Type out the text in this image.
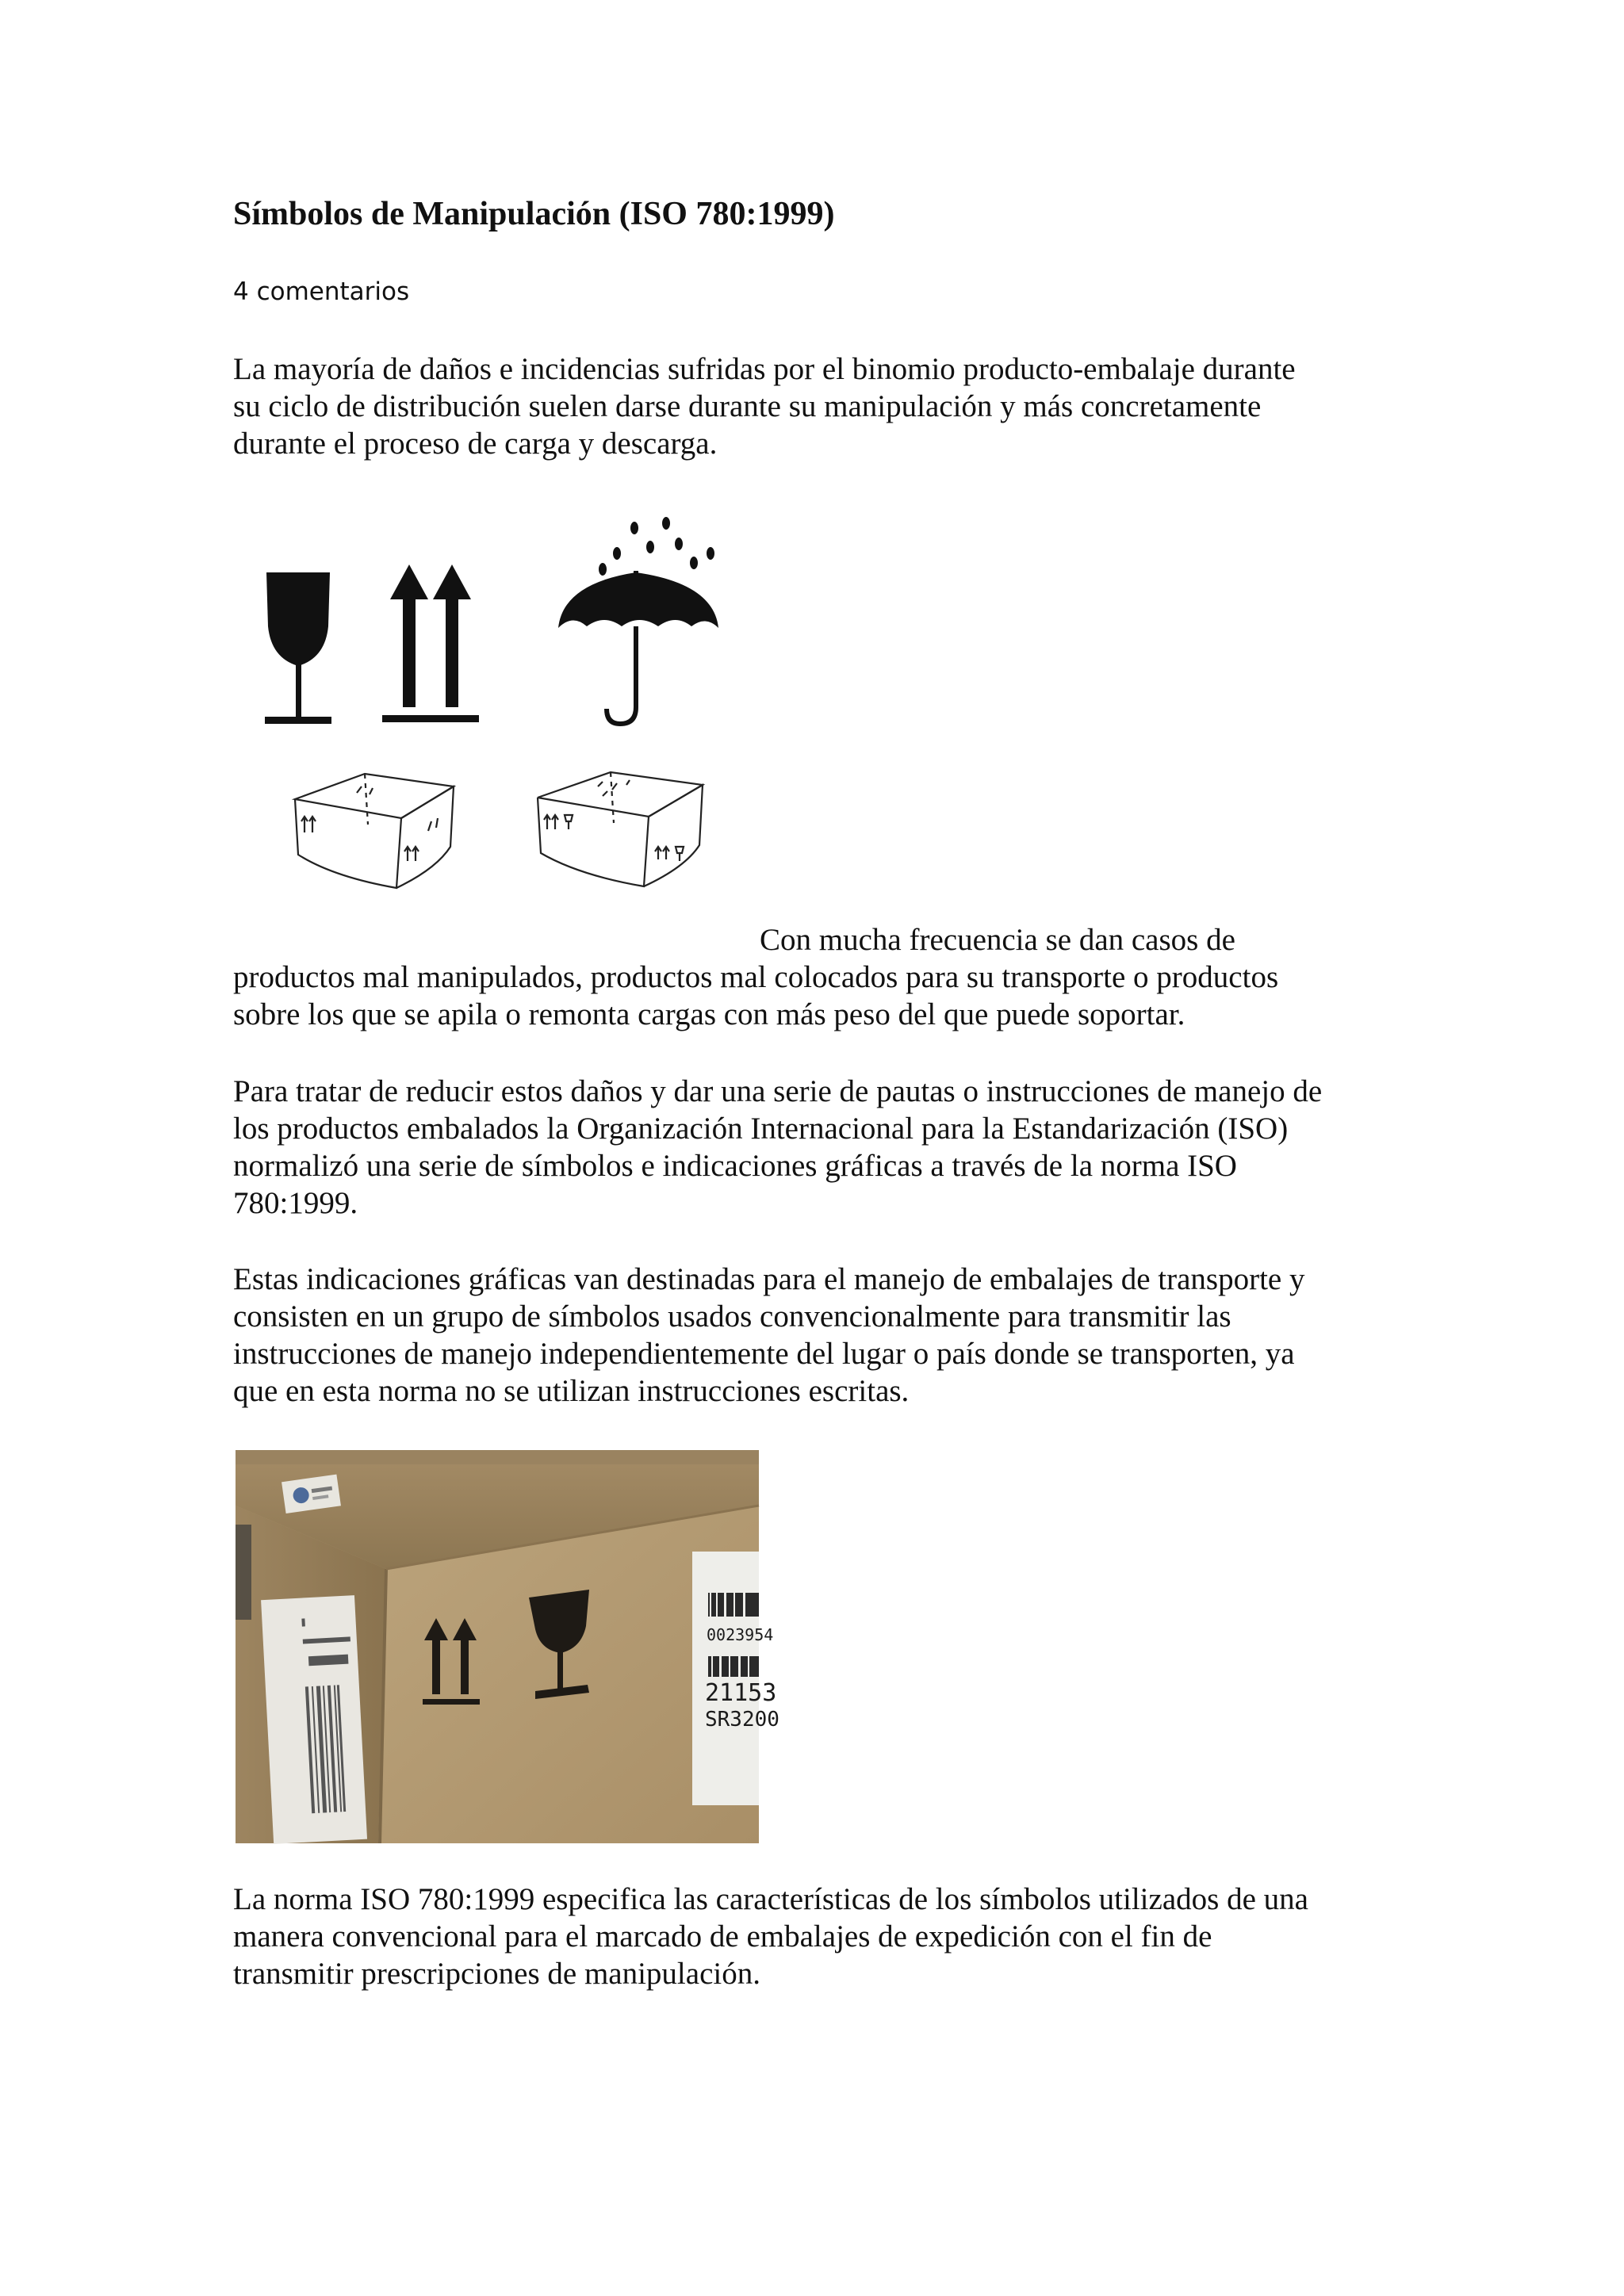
Símbolos de Manipulación (ISO 780:1999)
4 comentarios

La mayoría de daños e incidencias sufridas por el binomio producto-embalaje durante
su ciclo de distribución suelen darse durante su manipulación y más concretamente
durante el proceso de carga y descarga.

Con mucha frecuencia se dan casos de
productos mal manipulados, productos mal colocados para su transporte o productos
sobre los que se apila o remonta cargas con más peso del que puede soportar.

Para tratar de reducir estos daños y dar una serie de pautas o instrucciones de manejo de
los productos embalados la Organización Internacional para la Estandarización (ISO)
normalizó una serie de símbolos e indicaciones gráficas a través de la norma ISO
780:1999.

Estas indicaciones gráficas van destinadas para el manejo de embalajes de transporte y
consisten en un grupo de símbolos usados convencionalmente para transmitir las
instrucciones de manejo independientemente del lugar o país donde se transporten, ya
que en esta norma no se utilizan instrucciones escritas.

0023954
21153
SR3200

La norma ISO 780:1999 especifica las características de los símbolos utilizados de una
manera convencional para el marcado de embalajes de expedición con el fin de
transmitir prescripciones de manipulación.
